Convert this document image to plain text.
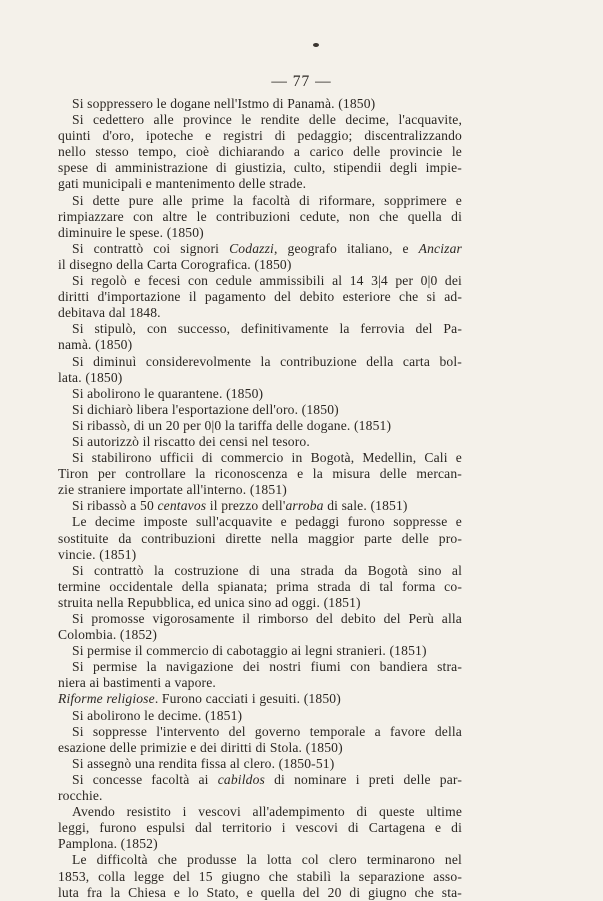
— 77 —
Si soppressero le dogane nell'Istmo di Panamà. (1850)
Si cedettero alle province le rendite delle decime, l'acquavite,
quinti d'oro, ipoteche e registri di pedaggio; discentralizzando
nello stesso tempo, cioè dichiarando a carico delle provincie le
spese di amministrazione di giustizia, culto, stipendii degli impie-
gati municipali e mantenimento delle strade.
Si dette pure alle prime la facoltà di riformare, sopprimere e
rimpiazzare con altre le contribuzioni cedute, non che quella di
diminuire le spese. (1850)
Si contrattò coi signori Codazzi, geografo italiano, e Ancizar
il disegno della Carta Corografica. (1850)
Si regolò e fecesi con cedule ammissibili al 14 3|4 per 0|0 dei
diritti d'importazione il pagamento del debito esteriore che si ad-
debitava dal 1848.
Si stipulò, con successo, definitivamente la ferrovia del Pa-
namà. (1850)
Si diminuì considerevolmente la contribuzione della carta bol-
lata. (1850)
Si abolirono le quarantene. (1850)
Si dichiarò libera l'esportazione dell'oro. (1850)
Si ribassò, di un 20 per 0|0 la tariffa delle dogane. (1851)
Si autorizzò il riscatto dei censi nel tesoro.
Si stabilirono ufficii di commercio in Bogotà, Medellin, Cali e
Tiron per controllare la riconoscenza e la misura delle mercan-
zie straniere importate all'interno. (1851)
Si ribassò a 50 centavos il prezzo dell'arroba di sale. (1851)
Le decime imposte sull'acquavite e pedaggi furono soppresse e
sostituite da contribuzioni dirette nella maggior parte delle pro-
vincie. (1851)
Si contrattò la costruzione di una strada da Bogotà sino al
termine occidentale della spianata; prima strada di tal forma co-
struita nella Repubblica, ed unica sino ad oggi. (1851)
Si promosse vigorosamente il rimborso del debito del Perù alla
Colombia. (1852)
Si permise il commercio di cabotaggio ai legni stranieri. (1851)
Si permise la navigazione dei nostri fiumi con bandiera stra-
niera ai bastimenti a vapore.
Riforme religiose. Furono cacciati i gesuiti. (1850)
Si abolirono le decime. (1851)
Si soppresse l'intervento del governo temporale a favore della
esazione delle primizie e dei diritti di Stola. (1850)
Si assegnò una rendita fissa al clero. (1850-51)
Si concesse facoltà ai cabildos di nominare i preti delle par-
rocchie.
Avendo resistito i vescovi all'adempimento di queste ultime
leggi, furono espulsi dal territorio i vescovi di Cartagena e di
Pamplona. (1852)
Le difficoltà che produsse la lotta col clero terminarono nel
1853, colla legge del 15 giugno che stabilì la separazione asso-
luta fra la Chiesa e lo Stato, e quella del 20 di giugno che sta-
